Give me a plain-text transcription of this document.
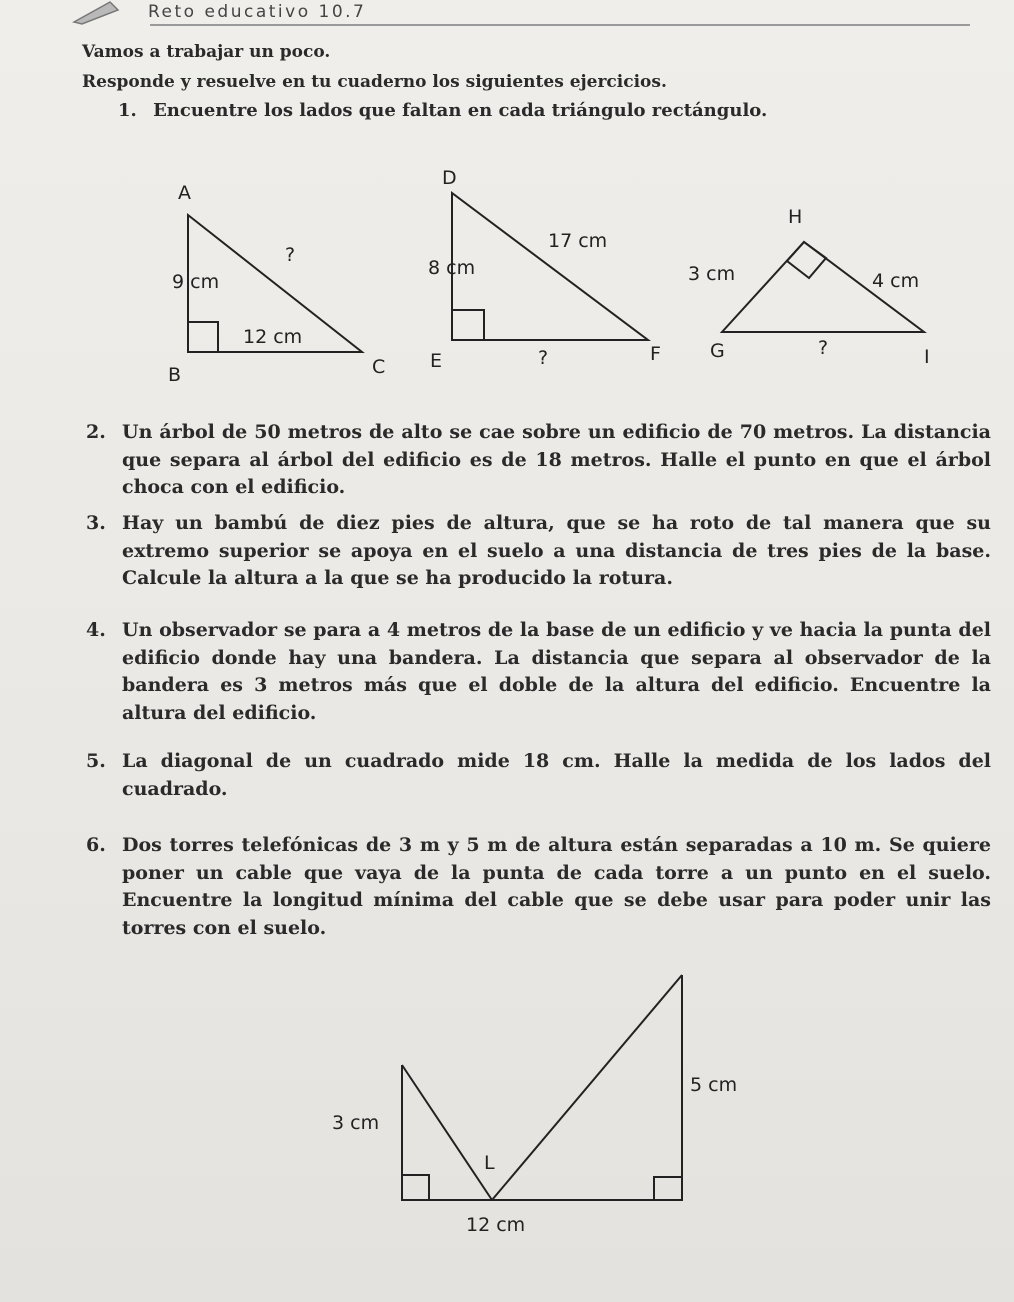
Reto educativo 10.7
Vamos a trabajar un poco.
Responde y resuelve en tu cuaderno los siguientes ejercicios.
1. Encuentre los lados que faltan en cada triángulo rectángulo.
A
B	C
9 cm
12 cm
?
D
E	F
8 cm
17 cm
?
H
G	I
3 cm	4 cm
?
2. Un árbol de 50 metros de alto se cae sobre un edificio de 70 metros. La distancia que separa al árbol del edificio es de 18 metros. Halle el punto en que el árbol choca con el edificio.
3. Hay un bambú de diez pies de altura, que se ha roto de tal manera que su extremo superior se apoya en el suelo a una distancia de tres pies de la base. Calcule la altura a la que se ha producido la rotura.
4. Un observador se para a 4 metros de la base de un edificio y ve hacia la punta del edificio donde hay una bandera. La distancia que separa al observador de la bandera es 3 metros más que el doble de la altura del edificio. Encuentre la altura del edificio.
5. La diagonal de un cuadrado mide 18 cm. Halle la medida de los lados del cuadrado.
6. Dos torres telefónicas de 3 m y 5 m de altura están separadas a 10 m. Se quiere poner un cable que vaya de la punta de cada torre a un punto en el suelo. Encuentre la longitud mínima del cable que se debe usar para poder unir las torres con el suelo.
3 cm
5 cm
L
12 cm
